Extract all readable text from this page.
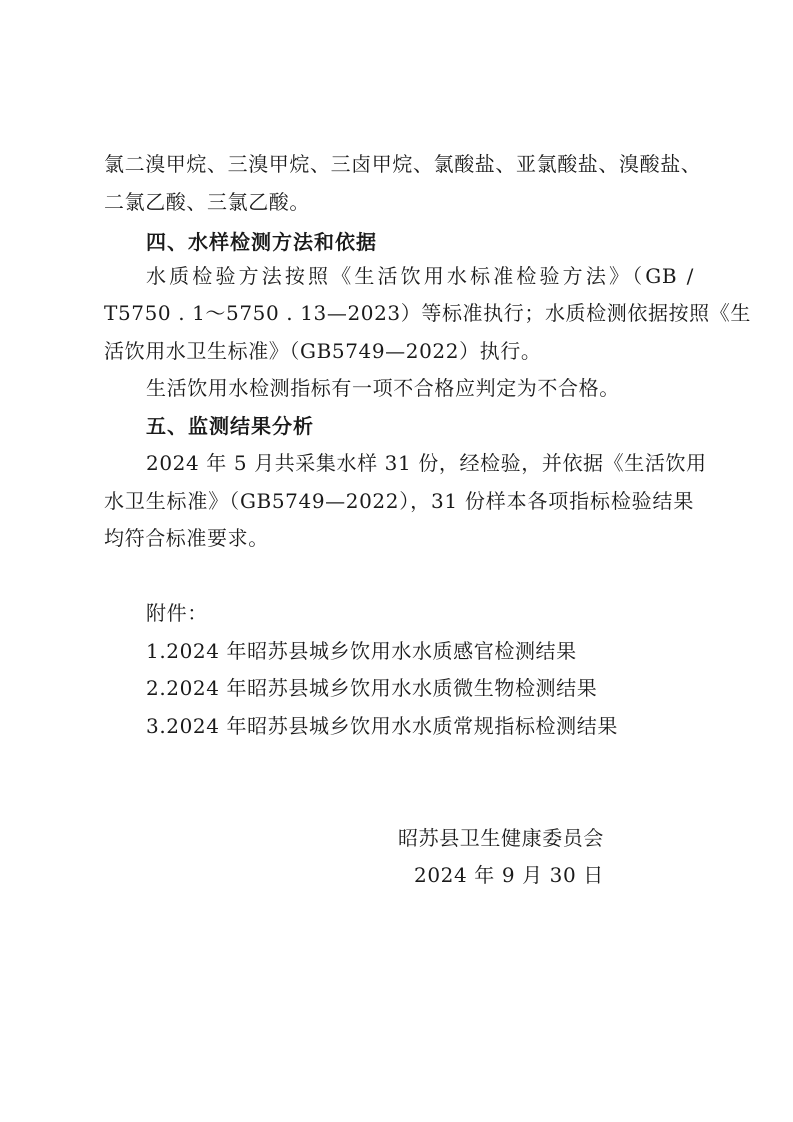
氯二溴甲烷、三溴甲烷、三卤甲烷、氯酸盐、亚氯酸盐、溴酸盐、
二氯乙酸、三氯乙酸。
四、水样检测方法和依据
水质检验方法按照《生活饮用水标准检验方法》（GB /
T5750 . 1～5750 . 13—2023）等标准执行；水质检测依据按照《生
活饮用水卫生标准》（GB5749—2022）执行。
生活饮用水检测指标有一项不合格应判定为不合格。
五、监测结果分析
2024 年 5 月共采集水样 31 份，经检验，并依据《生活饮用
水卫生标准》（GB5749—2022），31 份样本各项指标检验结果
均符合标准要求。
附件：
1.2024 年昭苏县城乡饮用水水质感官检测结果
2.2024 年昭苏县城乡饮用水水质微生物检测结果
3.2024 年昭苏县城乡饮用水水质常规指标检测结果
昭苏县卫生健康委员会
2024 年 9 月 30 日
